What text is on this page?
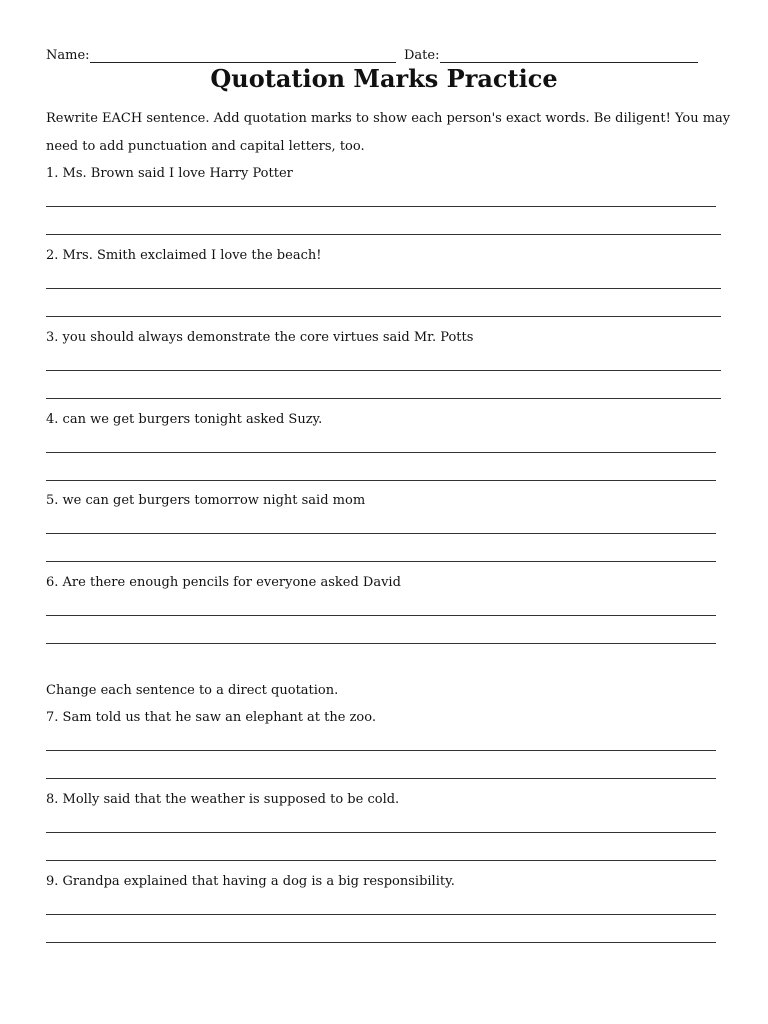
Name:	Date:
Quotation Marks Practice
Rewrite EACH sentence. Add quotation marks to show each person's exact words. Be diligent! You may
need to add punctuation and capital letters, too.
1. Ms. Brown said I love Harry Potter
2. Mrs. Smith exclaimed I love the beach!
3. you should always demonstrate the core virtues said Mr. Potts
4. can we get burgers tonight asked Suzy.
5. we can get burgers tomorrow night said mom
6. Are there enough pencils for everyone asked David
Change each sentence to a direct quotation.
7. Sam told us that he saw an elephant at the zoo.
8. Molly said that the weather is supposed to be cold.
9. Grandpa explained that having a dog is a big responsibility.
